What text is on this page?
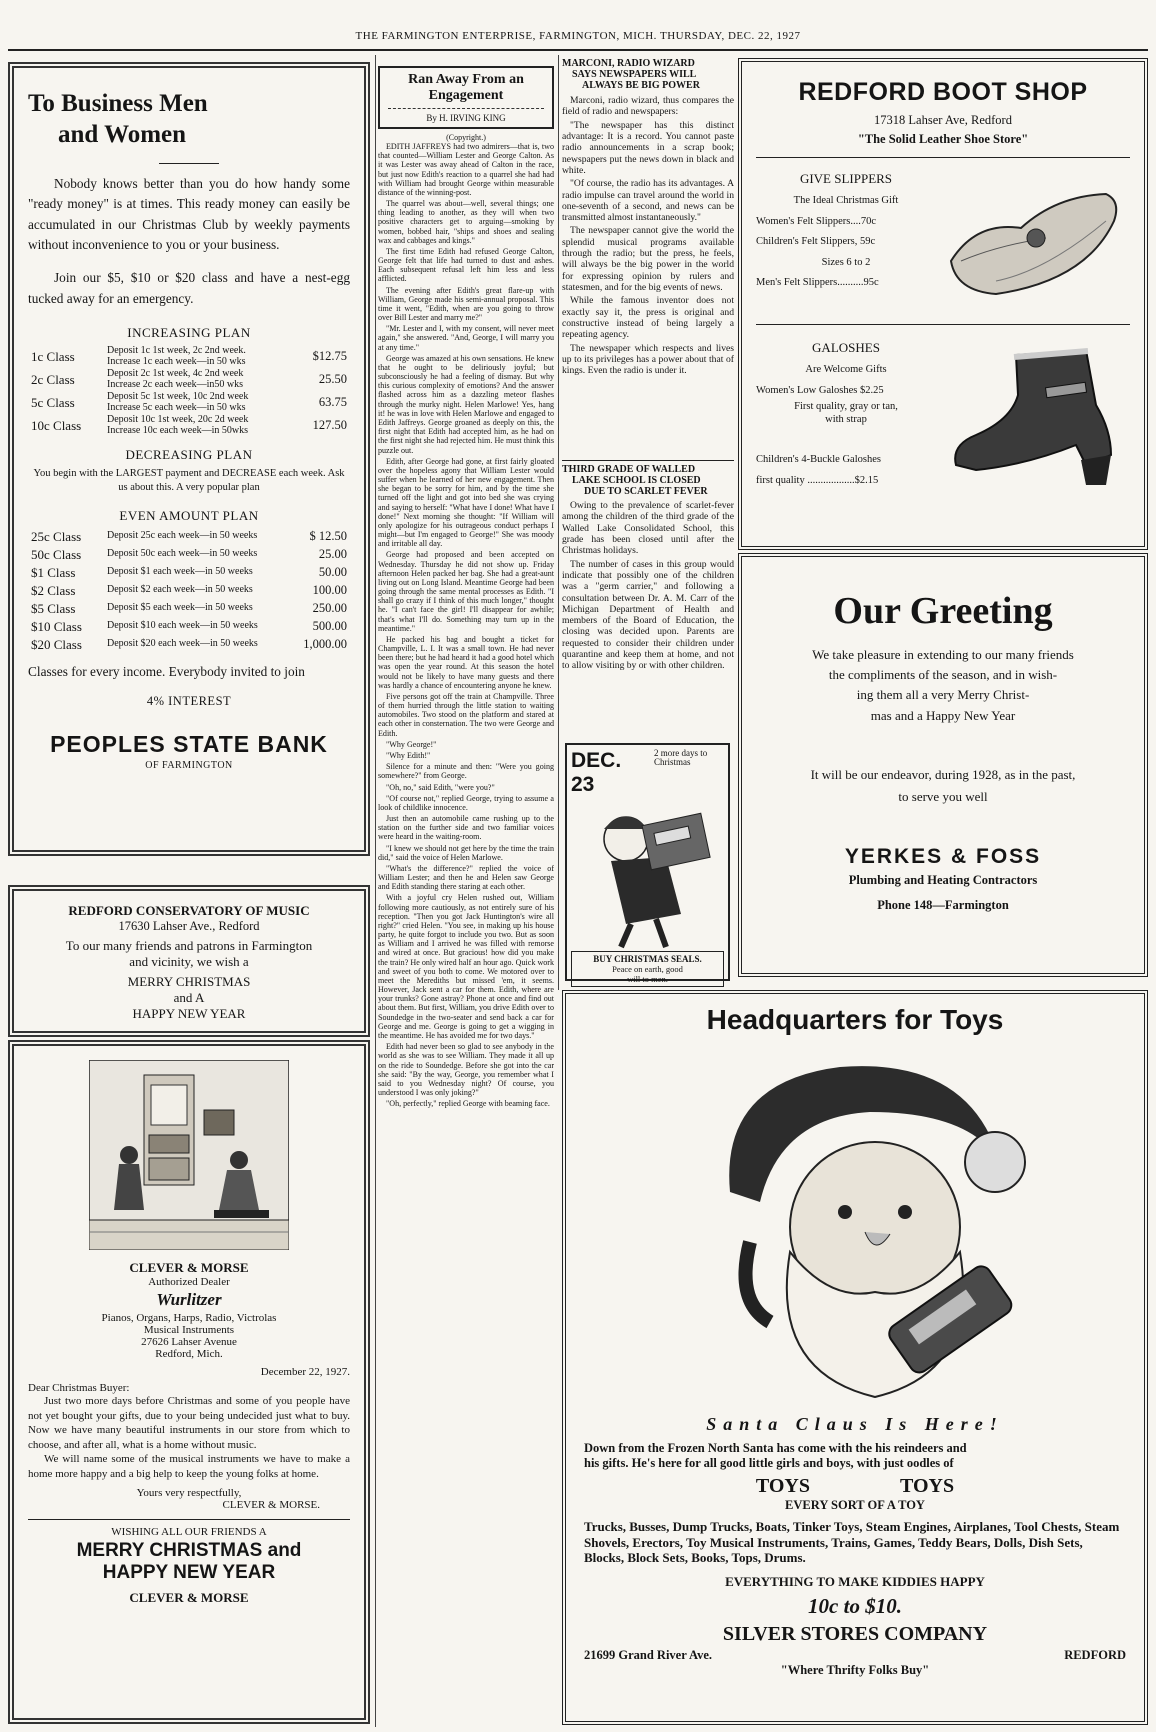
THE FARMINGTON ENTERPRISE, FARMINGTON, MICH. THURSDAY, DEC. 22, 1927
To Business Men
and Women
Nobody knows better than you do how handy some "ready money" is at times. This ready money can easily be accumulated in our Christmas Club by weekly payments without inconvenience to you or your business.
Join our $5, $10 or $20 class and have a nest-egg tucked away for an emergency.
INCREASING PLAN
1c Class	Deposit 1c 1st week, 2c 2nd week.
Increase 1c each week—in 50 wks	$12.75
2c Class	Deposit 2c 1st week, 4c 2nd week
Increase 2c each week—in50 wks	25.50
5c Class	Deposit 5c 1st week, 10c 2nd week
Increase 5c each week—in 50 wks	63.75
10c Class	Deposit 10c 1st week, 20c 2d week
Increase 10c each week—in 50wks	127.50
DECREASING PLAN
You begin with the LARGEST payment and DECREASE each week. Ask us about this. A very popular plan
EVEN AMOUNT PLAN
25c Class	Deposit 25c each week—in 50 weeks	$ 12.50
50c Class	Deposit 50c each week—in 50 weeks	25.00
$1 Class	Deposit $1 each week—in 50 weeks	50.00
$2 Class	Deposit $2 each week—in 50 weeks	100.00
$5 Class	Deposit $5 each week—in 50 weeks	250.00
$10 Class	Deposit $10 each week—in 50 weeks	500.00
$20 Class	Deposit $20 each week—in 50 weeks	1,000.00
Classes for every income. Everybody invited to join
4% INTEREST
PEOPLES STATE BANK
OF FARMINGTON
REDFORD CONSERVATORY OF MUSIC
17630 Lahser Ave., Redford
To our many friends and patrons in Farmington
and vicinity, we wish a
MERRY CHRISTMAS
and A
HAPPY NEW YEAR
CLEVER & MORSE
Authorized Dealer
Wurlitzer
Pianos, Organs, Harps, Radio, Victrolas
Musical Instruments
27626 Lahser Avenue
Redford, Mich.
December 22, 1927.
Dear Christmas Buyer:
Just two more days before Christmas and some of you people have not yet bought your gifts, due to your being undecided just what to buy. Now we have many beautiful instruments in our store from which to choose, and after all, what is a home without music.
We will name some of the musical instruments we have to make a home more happy and a big help to keep the young folks at home.
Yours very respectfully,
CLEVER & MORSE.
WISHING ALL OUR FRIENDS A
MERRY CHRISTMAS and
HAPPY NEW YEAR
CLEVER & MORSE
Ran Away From an
Engagement
By H. IRVING KING
(Copyright.)

EDITH JAFFREYS had two admirers—that is, two that counted—William Lester and George Calton. As it was Lester was away ahead of Calton in the race, but just now Edith's reaction to a quarrel she had had with William had brought George within measurable distance of the winning-post.

The quarrel was about—well, several things; one thing leading to another, as they will when two positive characters get to arguing—smoking by women, bobbed hair, "ships and shoes and sealing wax and cabbages and kings."

The first time Edith had refused George Calton, George felt that life had turned to dust and ashes. Each subsequent refusal left him less and less afflicted.

The evening after Edith's great flare-up with William, George made his semi-annual proposal. This time it went, "Edith, when are you going to throw over Bill Lester and marry me?"

"Mr. Lester and I, with my consent, will never meet again," she answered. "And, George, I will marry you at any time."

George was amazed at his own sensations. He knew that he ought to be deliriously joyful; but subconsciously he had a feeling of dismay. But why this curious complexity of emotions? And the answer flashed across him as a dazzling meteor flashes through the murky night. Helen Marlowe! Yes, hang it! he was in love with Helen Marlowe and engaged to Edith Jaffreys. George groaned as deeply on this, the first night that Edith had accepted him, as he had on the first night she had rejected him. He must think this puzzle out.

Edith, after George had gone, at first fairly gloated over the hopeless agony that William Lester would suffer when he learned of her new engagement. Then she began to be sorry for him, and by the time she turned off the light and got into bed she was crying and saying to herself: "What have I done! What have I done!" Next morning she thought: "If William will only apologize for his outrageous conduct perhaps I might—but I'm engaged to George!" She was moody and irritable all day.

George had proposed and been accepted on Wednesday. Thursday he did not show up. Friday afternoon Helen packed her bag. She had a great-aunt living out on Long Island. Meantime George had been going through the same mental processes as Edith. "I shall go crazy if I think of this much longer," thought he. "I can't face the girl! I'll disappear for awhile; that's what I'll do. Something may turn up in the meantime."

He packed his bag and bought a ticket for Champville, L. I. It was a small town. He had never been there; but he had heard it had a good hotel which was open the year round. At this season the hotel would not be likely to have many guests and there was hardly a chance of encountering anyone he knew.

Five persons got off the train at Champville. Three of them hurried through the little station to waiting automobiles. Two stood on the platform and stared at each other in consternation. The two were George and Edith.

"Why George!"

"Why Edith!"

Silence for a minute and then: "Were you going somewhere?" from George.

"Oh, no," said Edith, "were you?"

"Of course not," replied George, trying to assume a look of childlike innocence.

Just then an automobile came rushing up to the station on the further side and two familiar voices were heard in the waiting-room.

"I knew we should not get here by the time the train did," said the voice of Helen Marlowe.

"What's the difference?" replied the voice of William Lester; and then he and Helen saw George and Edith standing there staring at each other.

With a joyful cry Helen rushed out, William following more cautiously, as not entirely sure of his reception. "Then you got Jack Huntington's wire all right?" cried Helen. "You see, in making up his house party, he quite forgot to include you two. But as soon as William and I arrived he was filled with remorse and wired at once. But gracious! how did you make the train? He only wired half an hour ago. Quick work and sweet of you both to come. We motored over to meet the Merediths but missed 'em, it seems. However, Jack sent a car for them. Edith, where are your trunks? Gone astray? Phone at once and find out about them. But first, William, you drive Edith over to Soundedge in the two-seater and send back a car for George and me. George is going to get a wigging in the meantime. He has avoided me for two days."

Edith had never been so glad to see anybody in the world as she was to see William. They made it all up on the ride to Soundedge. Before she got into the car she said: "By the way, George, you remember what I said to you Wednesday night? Of course, you understood I was only joking?"

"Oh, perfectly," replied George with beaming face.

MARCONI, RADIO WIZARD
SAYS NEWSPAPERS WILL
ALWAYS BE BIG POWER

Marconi, radio wizard, thus compares the field of radio and newspapers:

"The newspaper has this distinct advantage: It is a record. You cannot paste radio announcements in a scrap book; newspapers put the news down in black and white.

"Of course, the radio has its advantages. A radio impulse can travel around the world in one-seventh of a second, and news can be transmitted almost instantaneously."

The newspaper cannot give the world the splendid musical programs available through the radio; but the press, he feels, will always be the big power in the world for expressing opinion by rulers and statesmen, and for the big events of news.

While the famous inventor does not exactly say it, the press is original and constructive instead of being largely a repeating agency.

The newspaper which respects and lives up to its privileges has a power about that of kings. Even the radio is under it.

THIRD GRADE OF WALLED
LAKE SCHOOL IS CLOSED
DUE TO SCARLET FEVER

Owing to the prevalence of scarlet-fever among the children of the third grade of the Walled Lake Consolidated School, this grade has been closed until after the Christmas holidays.

The number of cases in this group would indicate that possibly one of the children was a "germ carrier," and following a consultation between Dr. A. M. Carr of the Michigan Department of Health and members of the Board of Education, the closing was decided upon. Parents are requested to consider their children under quarantine and keep them at home, and not to allow visiting by or with other children.

DEC. 23
2 more days to Christmas
BUY CHRISTMAS SEALS.
Peace on earth, good
will to men.
REDFORD BOOT SHOP
17318 Lahser Ave, Redford
"The Solid Leather Shoe Store"
GIVE SLIPPERS
The Ideal Christmas Gift
Women's Felt Slippers....70c
Children's Felt Slippers, 59c
Sizes 6 to 2
Men's Felt Slippers..........95c
GALOSHES
Are Welcome Gifts
Women's Low Galoshes $2.25
First quality, gray or tan,
with strap
Children's 4-Buckle Galoshes
first quality ..................$2.15
Our Greeting
We take pleasure in extending to our many friends
the compliments of the season, and in wish-
ing them all a very Merry Christ-
mas and a Happy New Year
It will be our endeavor, during 1928, as in the past,
to serve you well
YERKES & FOSS
Plumbing and Heating Contractors
Phone 148—Farmington
Headquarters for Toys
Santa Claus Is Here!
Down from the Frozen North Santa has come with the his reindeers and
his gifts. He's here for all good little girls and boys, with just oodles of
TOYS	TOYS
EVERY SORT OF A TOY
Trucks, Busses, Dump Trucks, Boats, Tinker Toys, Steam Engines, Airplanes, Tool Chests, Steam Shovels, Erectors, Toy Musical Instruments, Trains, Games, Teddy Bears, Dolls, Dish Sets, Blocks, Block Sets, Books, Tops, Drums.
EVERYTHING TO MAKE KIDDIES HAPPY
10c to $10.
SILVER STORES COMPANY
21699 Grand River Ave.	REDFORD
"Where Thrifty Folks Buy"
